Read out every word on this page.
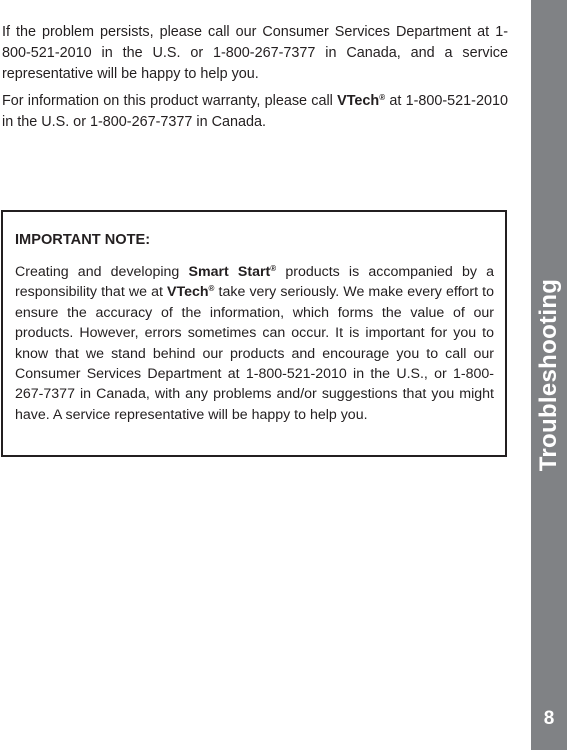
If the problem persists, please call our Consumer Services Department at 1-800-521-2010 in the U.S. or 1-800-267-7377 in Canada, and a service representative will be happy to help you.

For information on this product warranty, please call VTech® at 1-800-521-2010 in the U.S. or 1-800-267-7377 in Canada.

IMPORTANT NOTE:

Creating and developing Smart Start® products is accompanied by a responsibility that we at VTech® take very seriously. We make every effort to ensure the accuracy of the information, which forms the value of our products. However, errors sometimes can occur. It is important for you to know that we stand behind our products and encourage you to call our Consumer Services Department at 1-800-521-2010 in the U.S., or 1-800-267-7377 in Canada, with any problems and/or suggestions that you might have. A service representative will be happy to help you.	Troubleshooting
8
